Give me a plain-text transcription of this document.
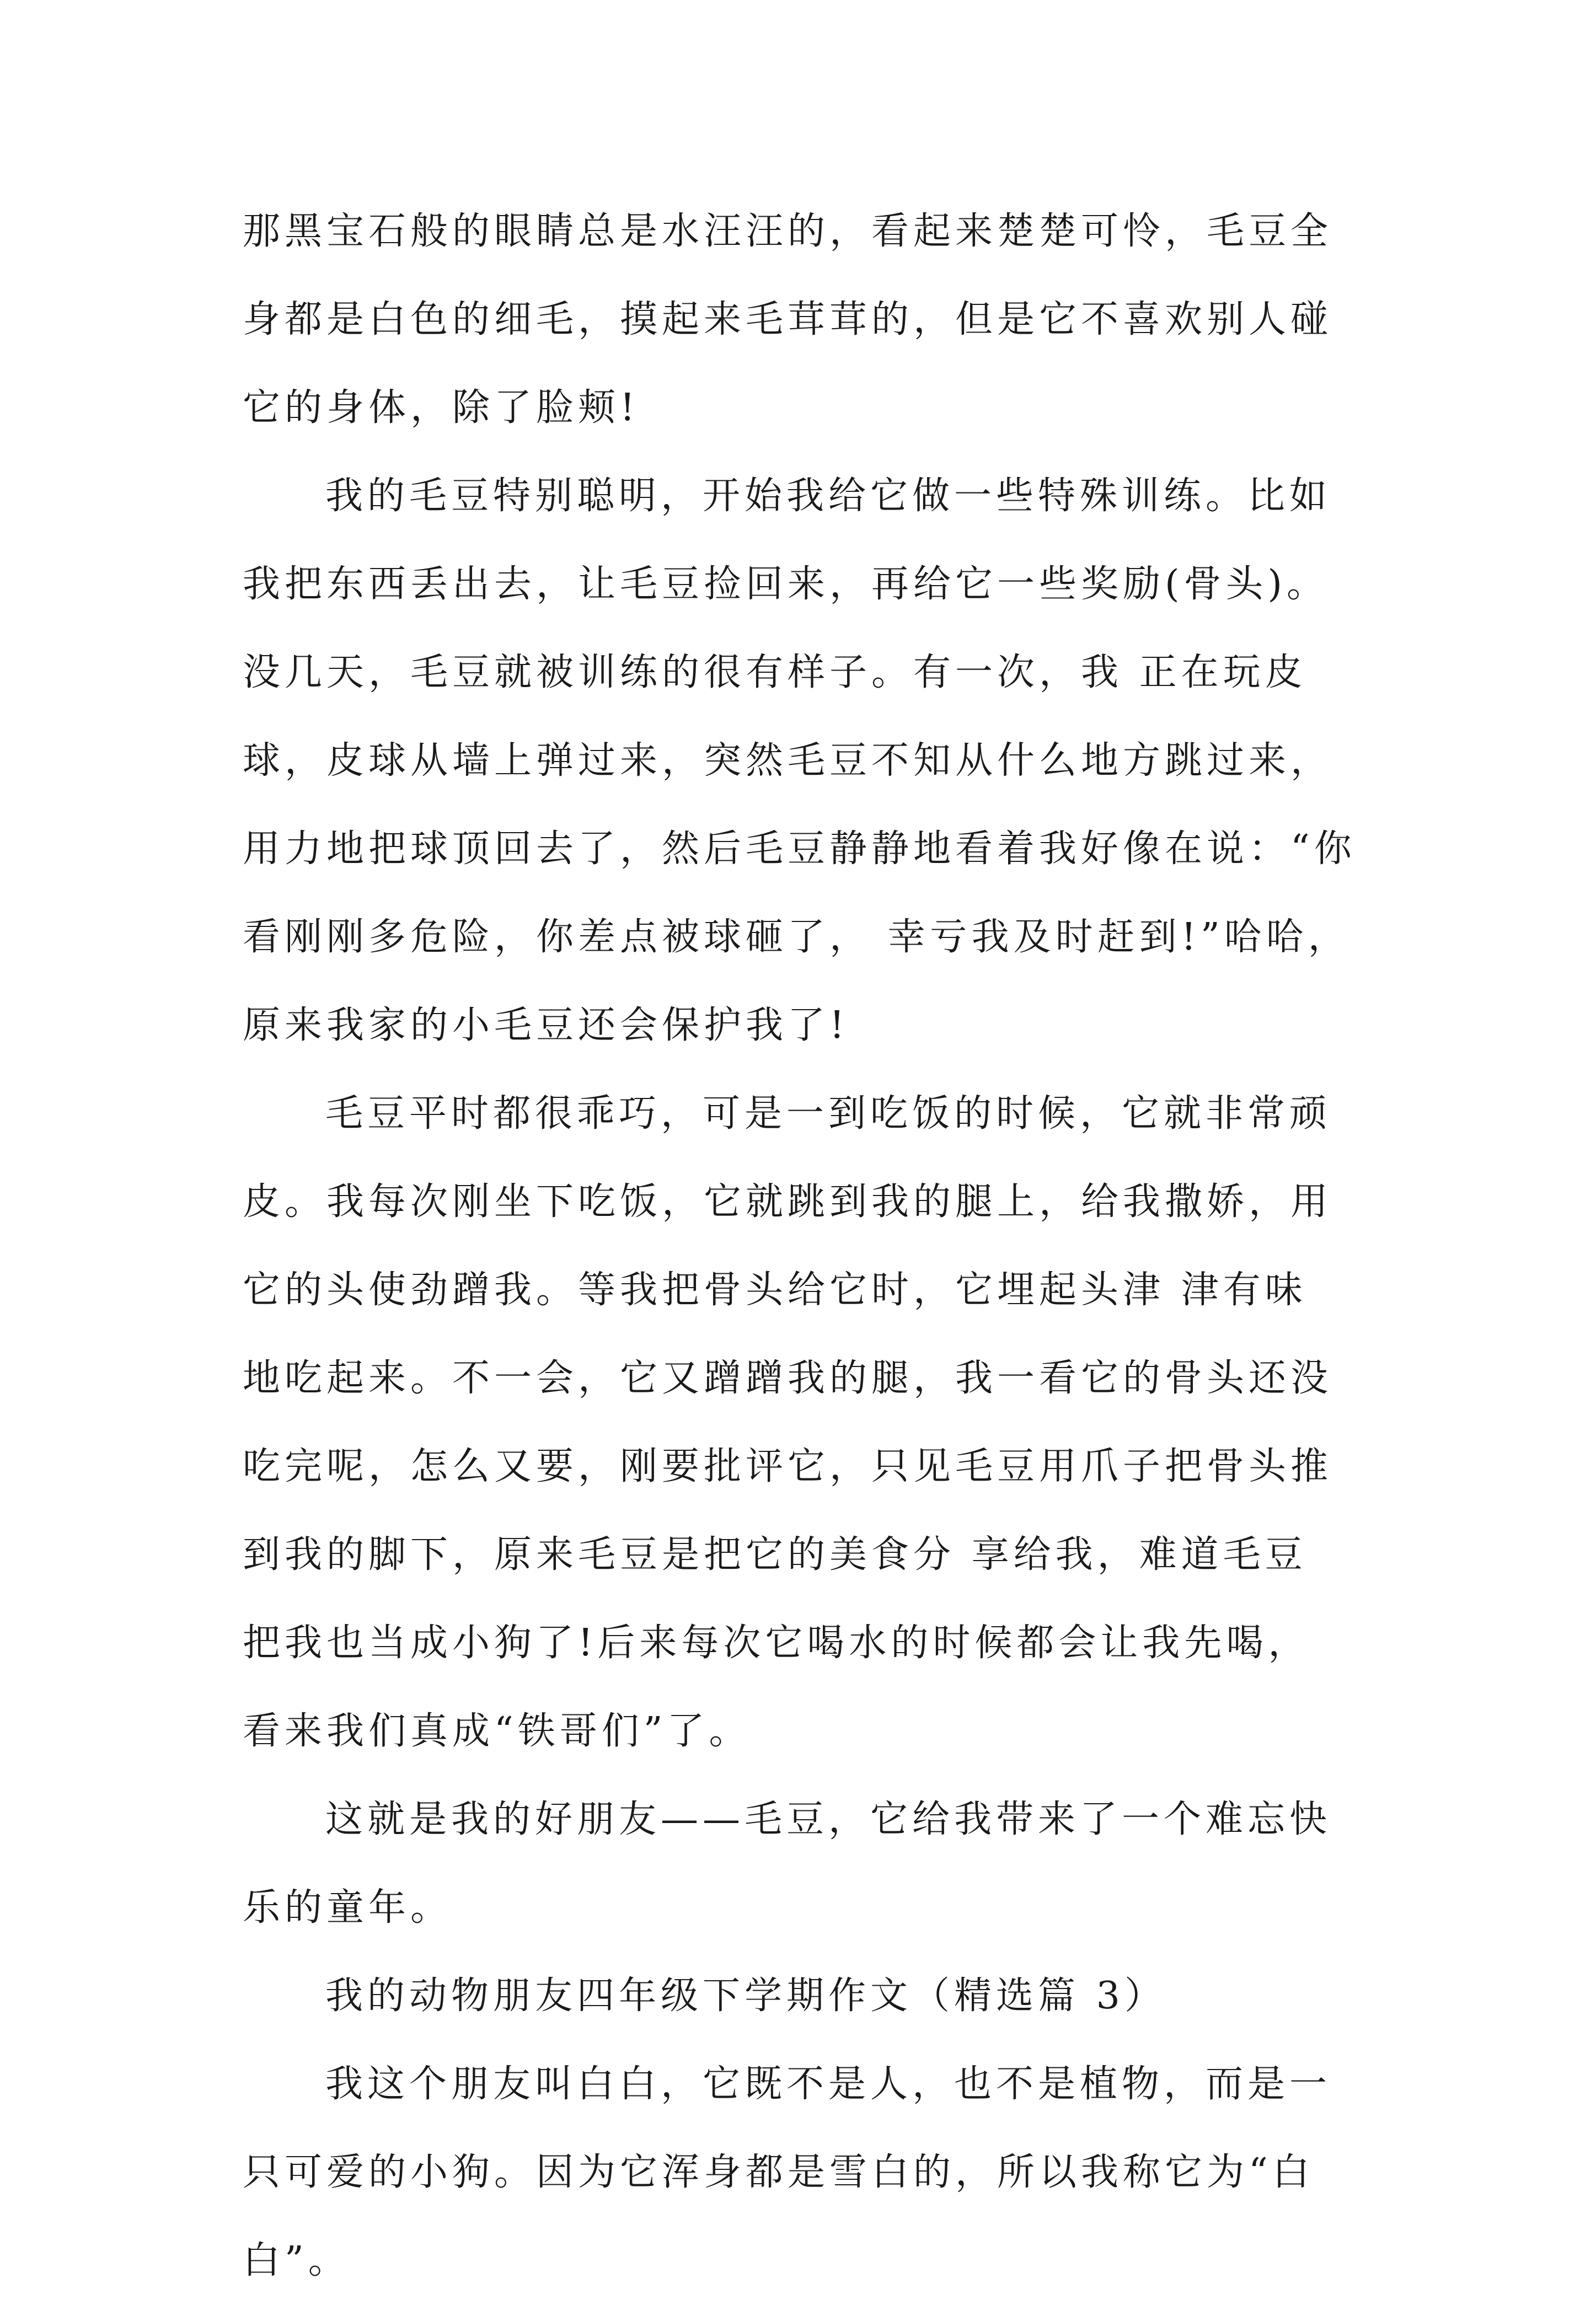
那黑宝石般的眼睛总是水汪汪的，看起来楚楚可怜，毛豆全
身都是白色的细毛，摸起来毛茸茸的，但是它不喜欢别人碰
它的身体，除了脸颊!
我的毛豆特别聪明，开始我给它做一些特殊训练。比如
我把东西丢出去，让毛豆捡回来，再给它一些奖励(骨头)。
没几天，毛豆就被训练的很有样子。有一次，我 正在玩皮
球，皮球从墙上弹过来，突然毛豆不知从什么地方跳过来，
用力地把球顶回去了，然后毛豆静静地看着我好像在说：“你
看刚刚多危险，你差点被球砸了， 幸亏我及时赶到!”哈哈，
原来我家的小毛豆还会保护我了!
毛豆平时都很乖巧，可是一到吃饭的时候，它就非常顽
皮。我每次刚坐下吃饭，它就跳到我的腿上，给我撒娇，用
它的头使劲蹭我。等我把骨头给它时，它埋起头津 津有味
地吃起来。不一会，它又蹭蹭我的腿，我一看它的骨头还没
吃完呢，怎么又要，刚要批评它，只见毛豆用爪子把骨头推
到我的脚下，原来毛豆是把它的美食分 享给我，难道毛豆
把我也当成小狗了!后来每次它喝水的时候都会让我先喝，
看来我们真成“铁哥们”了。
这就是我的好朋友——毛豆，它给我带来了一个难忘快
乐的童年。
我的动物朋友四年级下学期作文（精选篇 3）
我这个朋友叫白白，它既不是人，也不是植物，而是一
只可爱的小狗。因为它浑身都是雪白的，所以我称它为“白
白”。
